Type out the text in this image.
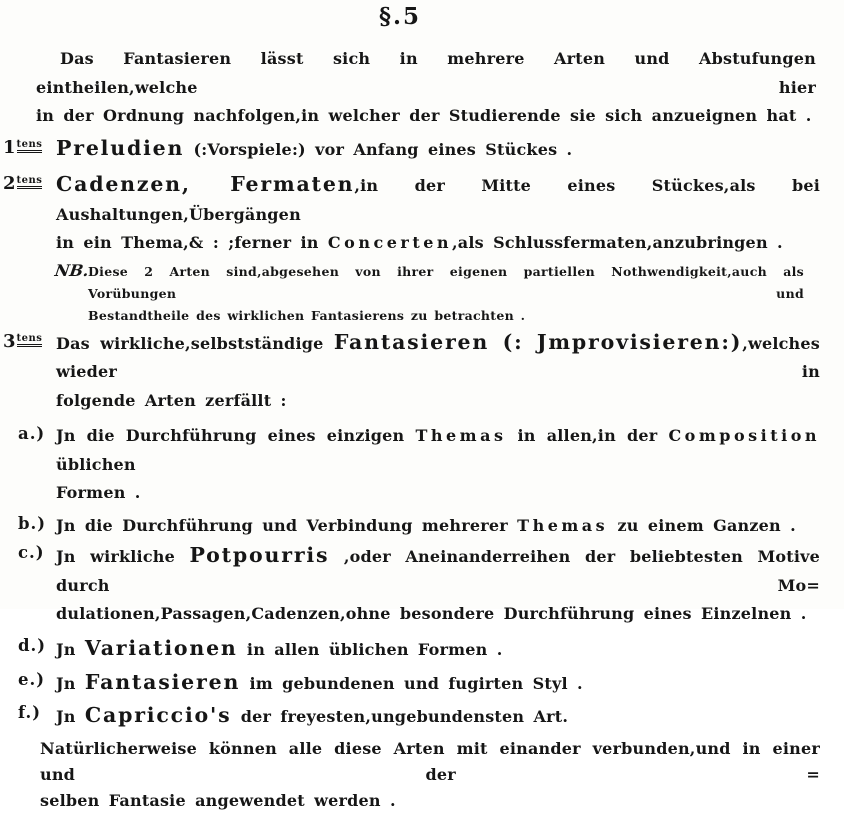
§.5
Das Fantasieren lässt sich in mehrere Arten und Abstufungen eintheilen,welche hier
in der Ordnung nachfolgen,in welcher der Studierende sie sich anzueignen hat .
1tens Preludien (:Vorspiele:) vor Anfang eines Stückes .
2tens Cadenzen, Fermaten,in der Mitte eines Stückes,als bei Aushaltungen,Übergängen
in ein Thema,& : ;ferner in Concerten,als Schlussfermaten,anzubringen .
NB.
Diese 2 Arten sind,abgesehen von ihrer eigenen partiellen Nothwendigkeit,auch als Vorübungen und
Bestandtheile des wirklichen Fantasierens zu betrachten .
3tens Das wirkliche,selbstständige Fantasieren (: Jmprovisieren:),welches wieder in
folgende Arten zerfällt :
a.) Jn die Durchführung eines einzigen Themas in allen,in der Composition üblichen
Formen .
b.) Jn die Durchführung und Verbindung mehrerer Themas zu einem Ganzen .
c.) Jn wirkliche Potpourris ,oder Aneinanderreihen der beliebtesten Motive durch Mo=
dulationen,Passagen,Cadenzen,ohne besondere Durchführung eines Einzelnen .
d.) Jn Variationen in allen üblichen Formen .
e.) Jn Fantasieren im gebundenen und fugirten Styl .
f.) Jn Capriccio's der freyesten,ungebundensten Art.
Natürlicherweise können alle diese Arten mit einander verbunden,und in einer und der =
selben Fantasie angewendet werden .
